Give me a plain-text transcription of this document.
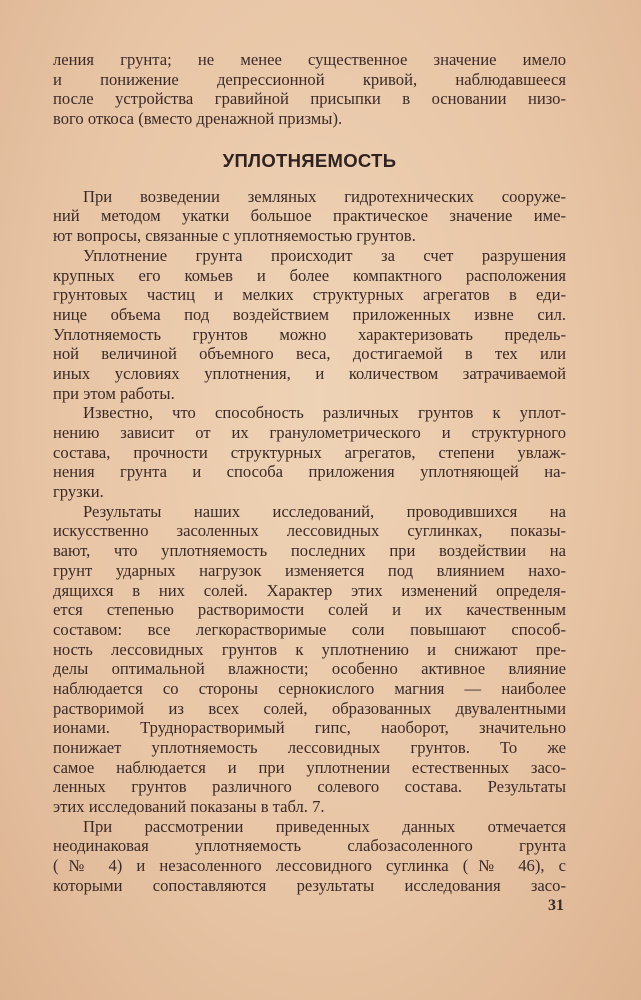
ления грунта; не менее существенное значение имело
и понижение депрессионной кривой, наблюдавшееся
после устройства гравийной присыпки в основании низо-
вого откоса (вместо дренажной призмы).
УПЛОТНЯЕМОСТЬ
При возведении земляных гидротехнических сооруже-
ний методом укатки большое практическое значение име-
ют вопросы, связанные с уплотняемостью грунтов.
Уплотнение грунта происходит за счет разрушения
крупных его комьев и более компактного расположения
грунтовых частиц и мелких структурных агрегатов в еди-
нице объема под воздействием приложенных извне сил.
Уплотняемость грунтов можно характеризовать предель-
ной величиной объемного веса, достигаемой в тех или
иных условиях уплотнения, и количеством затрачиваемой
при этом работы.
Известно, что способность различных грунтов к уплот-
нению зависит от их гранулометрического и структурного
состава, прочности структурных агрегатов, степени увлаж-
нения грунта и способа приложения уплотняющей на-
грузки.
Результаты наших исследований, проводившихся на
искусственно засоленных лессовидных суглинках, показы-
вают, что уплотняемость последних при воздействии на
грунт ударных нагрузок изменяется под влиянием нахо-
дящихся в них солей. Характер этих изменений определя-
ется степенью растворимости солей и их качественным
составом: все легкорастворимые соли повышают способ-
ность лессовидных грунтов к уплотнению и снижают пре-
делы оптимальной влажности; особенно активное влияние
наблюдается со стороны сернокислого магния — наиболее
растворимой из всех солей, образованных двувалентными
ионами. Труднорастворимый гипс, наоборот, значительно
понижает уплотняемость лессовидных грунтов. То же
самое наблюдается и при уплотнении естественных засо-
ленных грунтов различного солевого состава. Результаты
этих исследований показаны в табл. 7.
При рассмотрении приведенных данных отмечается
неодинаковая уплотняемость слабозасоленного грунта
(№ 4) и незасоленного лессовидного суглинка (№ 46), с
которыми сопоставляются результаты исследования засо-
31
